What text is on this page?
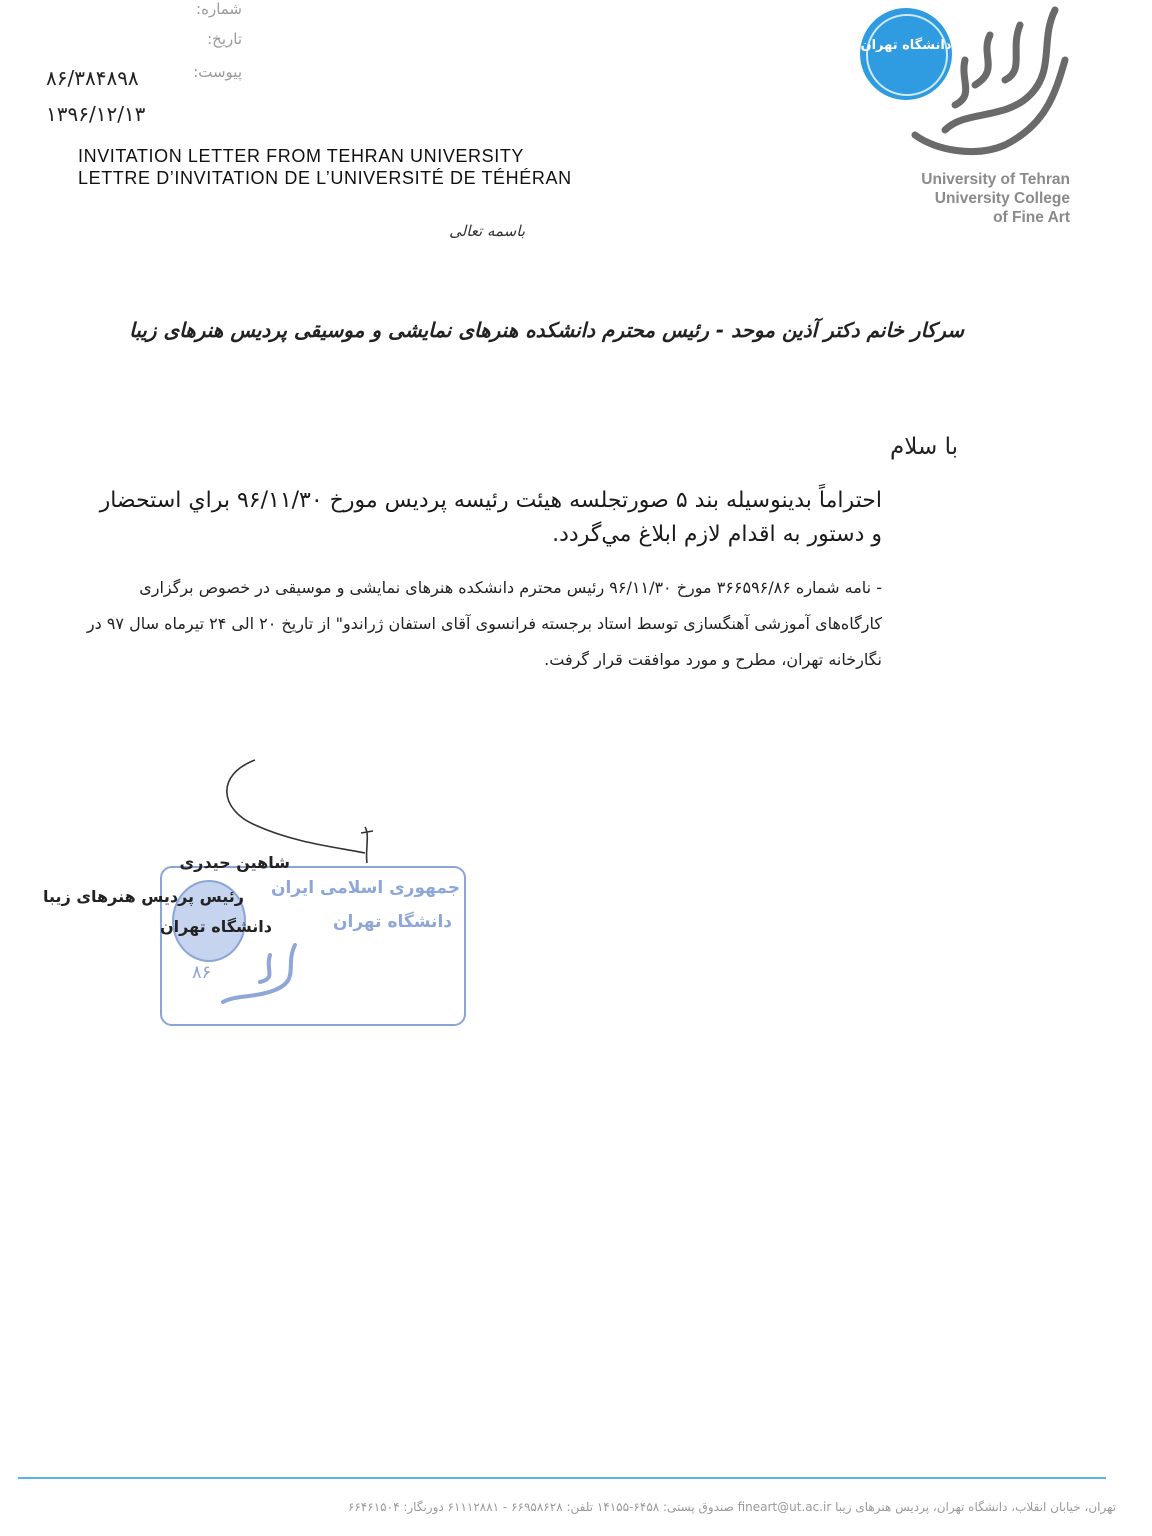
شماره:
تاریخ:
پیوست:
۸۶/۳۸۴۸۹۸
۱۳۹۶/۱۲/۱۳
INVITATION LETTER FROM TEHRAN UNIVERSITY
LETTRE D’INVITATION DE L’UNIVERSITÉ DE TÉHÉRAN
دانشگاه تهران
University of Tehran
University College
of Fine Art
باسمه تعالی
سرکار خانم دکتر آذین موحد - رئیس محترم دانشکده هنرهای نمایشی و موسیقی پردیس هنرهای زیبا
با سلام
احتراماً بدینوسیله بند ۵ صورتجلسه هیئت رئیسه پردیس مورخ ۹۶/۱۱/۳۰ براي استحضار و دستور به اقدام لازم ابلاغ مي‌گردد.
- نامه شماره ۳۶۶۵۹۶/۸۶ مورخ ۹۶/۱۱/۳۰ رئیس محترم دانشکده هنرهای نمایشی و موسیقی در خصوص برگزاری کارگاه‌های آموزشی آهنگسازی توسط استاد برجسته فرانسوی آقای استفان ژراندو" از تاریخ ۲۰ الی ۲۴ تیرماه سال ۹۷ در نگارخانه تهران، مطرح و مورد موافقت قرار گرفت.
جمهوری اسلامی ایران
دانشگاه تهران
۸۶
شاهین حیدری
رئیس پردیس هنرهای زیبا
دانشگاه تهران
تهران، خیابان انقلاب، دانشگاه تهران، پردیس هنرهای زیبا fineart@ut.ac.ir صندوق پستی: ۶۴۵۸-۱۴۱۵۵ تلفن: ۶۶۹۵۸۶۲۸ - ۶۱۱۱۲۸۸۱ دورنگار: ۶۶۴۶۱۵۰۴
